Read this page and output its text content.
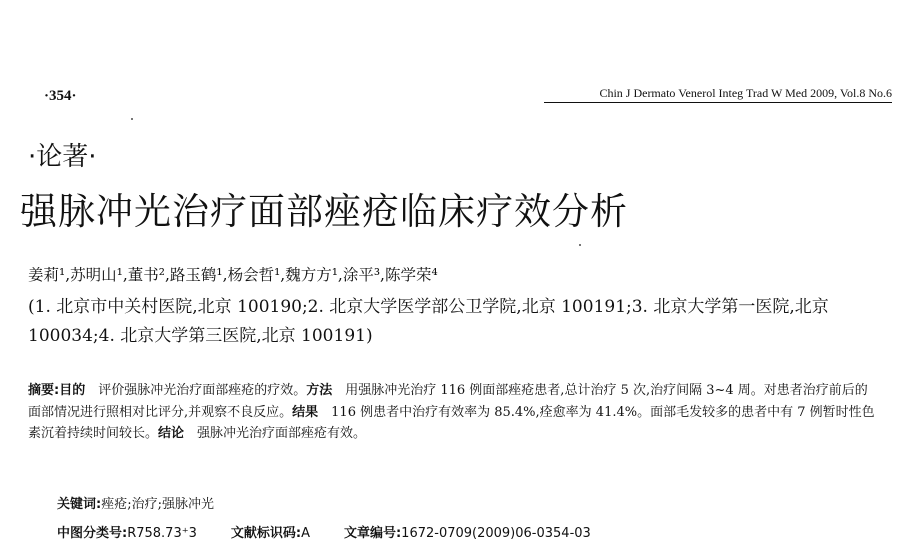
·354·	Chin J Dermato Venerol Integ Trad W Med 2009, Vol.8 No.6
·论著·
强脉冲光治疗面部痤疮临床疗效分析
姜莉¹,苏明山¹,董书²,路玉鹤¹,杨会哲¹,魏方方¹,涂平³,陈学荣⁴
(1. 北京市中关村医院,北京 100190;2. 北京大学医学部公卫学院,北京 100191;3. 北京大学第一医院,北京 100034;4. 北京大学第三医院,北京 100191)
摘要:目的　评价强脉冲光治疗面部痤疮的疗效。方法　用强脉冲光治疗 116 例面部痤疮患者,总计治疗 5 次,治疗间隔 3~4 周。对患者治疗前后的面部情况进行照相对比评分,并观察不良反应。结果　116 例患者中治疗有效率为 85.4%,痊愈率为 41.4%。面部毛发较多的患者中有 7 例暂时性色素沉着持续时间较长。结论　强脉冲光治疗面部痤疮有效。
关键词:痤疮;治疗;强脉冲光
中图分类号:R758.73⁺3	文献标识码:A	文章编号:1672-0709(2009)06-0354-03
